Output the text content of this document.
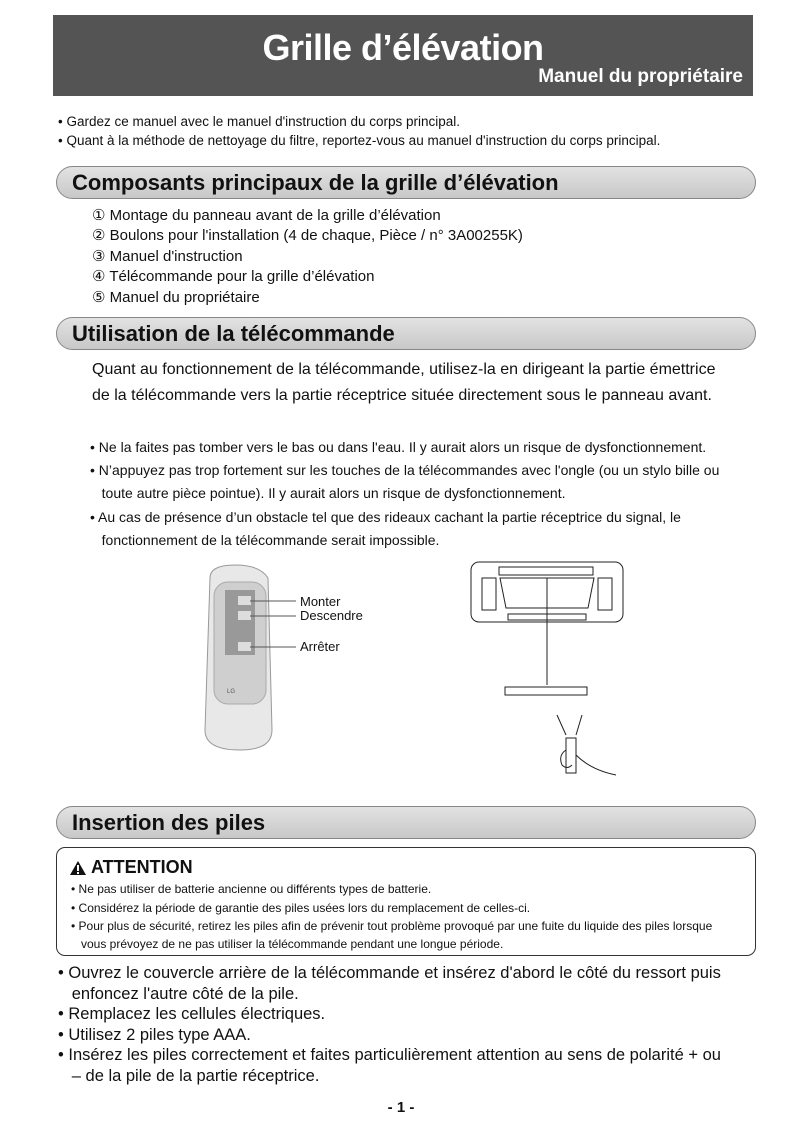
Grille d’élévation
Manuel du propriétaire
• Gardez ce manuel avec le manuel d'instruction du corps principal.
• Quant à la méthode de nettoyage du filtre, reportez-vous au manuel d'instruction du corps principal.
Composants principaux de la grille d’élévation
① Montage du panneau avant de la grille d’élévation
② Boulons pour l'installation (4 de chaque, Pièce / n° 3A00255K)
③ Manuel d'instruction
④ Télécommande pour la grille d’élévation
⑤ Manuel du propriétaire
Utilisation de la télécommande
Quant au fonctionnement de la télécommande, utilisez-la en dirigeant la partie émettrice
de la télécommande vers la partie réceptrice située directement sous le panneau avant.
• Ne la faites pas tomber vers le bas ou dans l'eau. Il y aurait alors un risque de dysfonctionnement.
• N’appuyez pas trop fortement sur les touches de la télécommandes avec l'ongle (ou un stylo bille ou
toute autre pièce pointue). Il y aurait alors un risque de dysfonctionnement.
• Au cas de présence d’un obstacle tel que des rideaux cachant la partie réceptrice du signal, le
fonctionnement de la télécommande serait impossible.
LG
Monter
Descendre
Arrêter
Insertion des piles
ATTENTION
• Ne pas utiliser de batterie ancienne ou différents types de batterie.
• Considérez la période de garantie des piles usées lors du remplacement de celles-ci.
• Pour plus de sécurité, retirez les piles afin de prévenir tout problème provoqué par une fuite du liquide des piles lorsque
vous prévoyez de ne pas utiliser la télécommande pendant une longue période.
• Ouvrez le couvercle arrière de la télécommande et insérez d'abord le côté du ressort puis
enfoncez l'autre côté de la pile.
• Remplacez les cellules électriques.
• Utilisez 2 piles type AAA.
• Insérez les piles correctement et faites particulièrement attention au sens de polarité + ou
– de la pile de la partie réceptrice.
- 1 -
